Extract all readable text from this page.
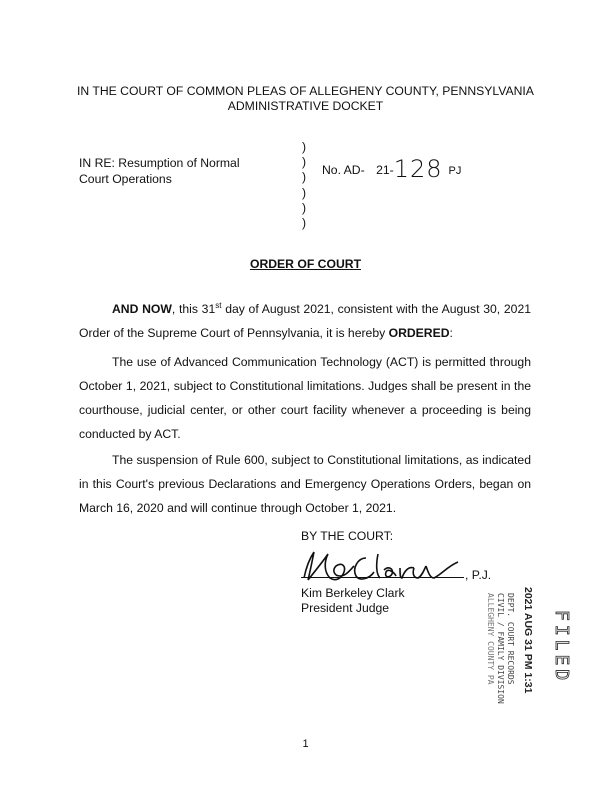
IN THE COURT OF COMMON PLEAS OF ALLEGHENY COUNTY, PENNSYLVANIA
ADMINISTRATIVE DOCKET
IN RE: Resumption of Normal
Court Operations
)
)
)
)
)
)
No. AD- 21-128 PJ
ORDER OF COURT
AND NOW, this 31st day of August 2021, consistent with the August 30, 2021 Order of the Supreme Court of Pennsylvania, it is hereby ORDERED:
The use of Advanced Communication Technology (ACT) is permitted through October 1, 2021, subject to Constitutional limitations. Judges shall be present in the courthouse, judicial center, or other court facility whenever a proceeding is being conducted by ACT.
The suspension of Rule 600, subject to Constitutional limitations, as indicated in this Court's previous Declarations and Emergency Operations Orders, began on March 16, 2020 and will continue through October 1, 2021.
BY THE COURT:
, P.J.
Kim Berkeley Clark
President Judge	2021 AUG 31 PM 1:31
DEPT. COURT RECORDS
CIVIL / FAMILY DIVISION
ALLEGHENY COUNTY PA	FILED
1
